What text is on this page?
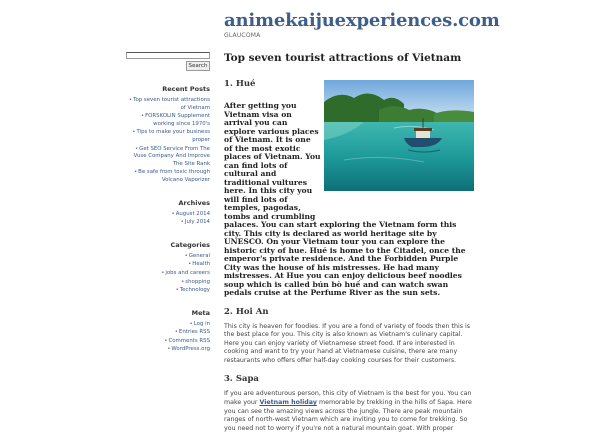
animekaijuexperiences.com
GLAUCOMA
Search
Recent Posts
•Top seven tourist attractions of Vietnam
•FORSKOLIN Supplement working since 1970's
•Tips to make your business proper
•Get SEO Service From The Vuse Company And Improve The Site Rank
•Be safe from toxic through Volcano Vaporizer
Archives
•August 2014
•July 2014
Categories
•General
•Health
•jobs and careers
•shopping
•Technology
Meta
•Log in
•Entries RSS
•Comments RSS
•WordPress.org
Top seven tourist attractions of Vietnam
1. Hué

After getting you Vietnam visa on arrival you can explore various places of Vietnam. It is one of the most exotic places of Vietnam. You can find lots of cultural and traditional vultures here. In this city you will find lots of temples, pagodas, tombs and crumbling
palaces. You can start exploring the Vietnam form this city. This city is declared as world heritage site by UNESCO. On your Vietnam tour you can explore the historic city of hue. Hué is home to the Citadel, once the emperor's private residence. And the Forbidden Purple City was the house of his mistresses. He had many mistresses. At Hue you can enjoy delicious beef noodles soup which is called bún bò huế and can watch swan pedals cruise at the Perfume River as the sun sets.

2. Hoi An

This city is heaven for foodies. If you are a fond of variety of foods then this is the best place for you. This city is also known as Vietnam's culinary capital. Here you can enjoy variety of Vietnamese street food. If are interested in cooking and want to try your hand at Vietnamese cuisine, there are many restaurants who offers offer half-day cooking courses for their customers.

3. Sapa

If you are adventurous person, this city of Vietnam is the best for you. You can make your Vietnam holiday memorable by trekking in the hills of Sapa. Here you can see the amazing views across the jungle. There are peak mountain ranges of north-west Vietnam which are inviting you to come for trekking. So you need not to worry if you're not a natural mountain goat. With proper
